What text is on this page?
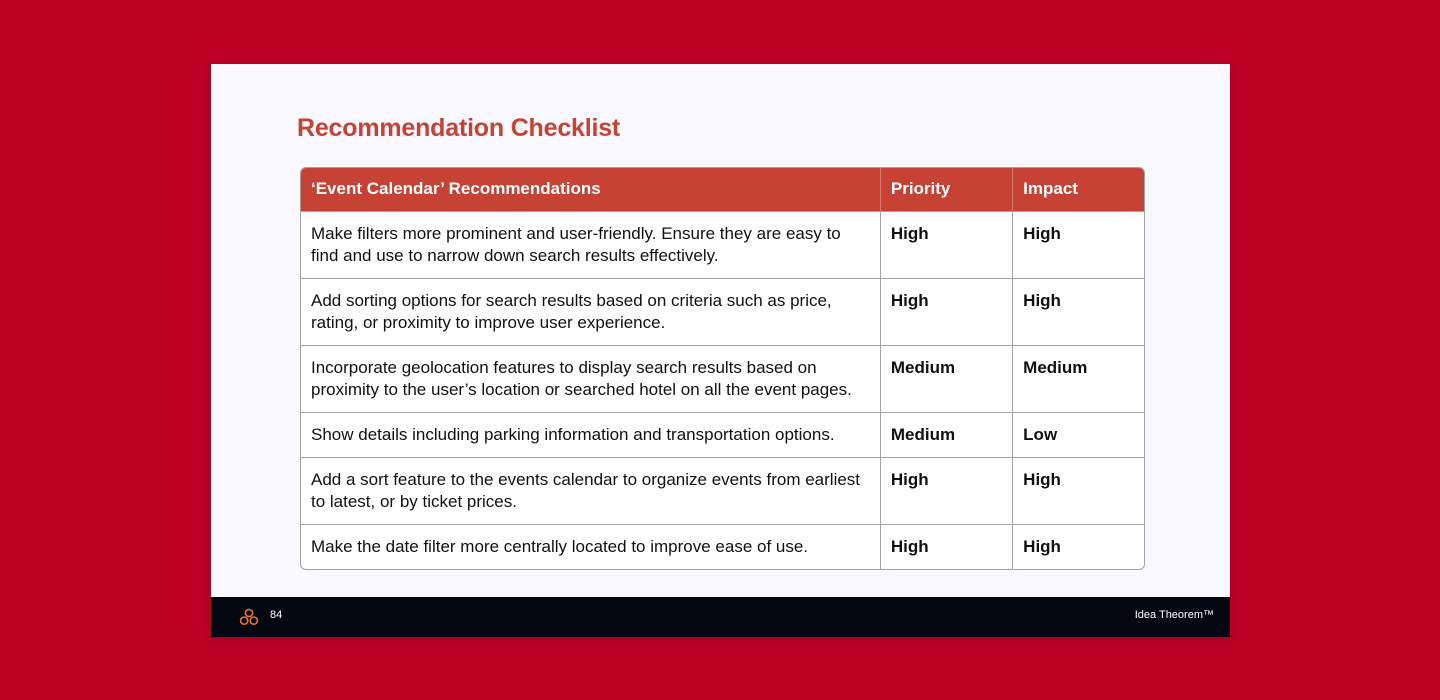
Recommendation Checklist
‘Event Calendar’ Recommendations	Priority	Impact
Make filters more prominent and user-friendly. Ensure they are easy to find and use to narrow down search results effectively.	High	High
Add sorting options for search results based on criteria such as price, rating, or proximity to improve user experience.	High	High
Incorporate geolocation features to display search results based on proximity to the user’s location or searched hotel on all the event pages.	Medium	Medium
Show details including parking information and transportation options.	Medium	Low
Add a sort feature to the events calendar to organize events from earliest to latest, or by ticket prices.	High	High
Make the date filter more centrally located to improve ease of use.	High	High
84	Idea Theorem™
